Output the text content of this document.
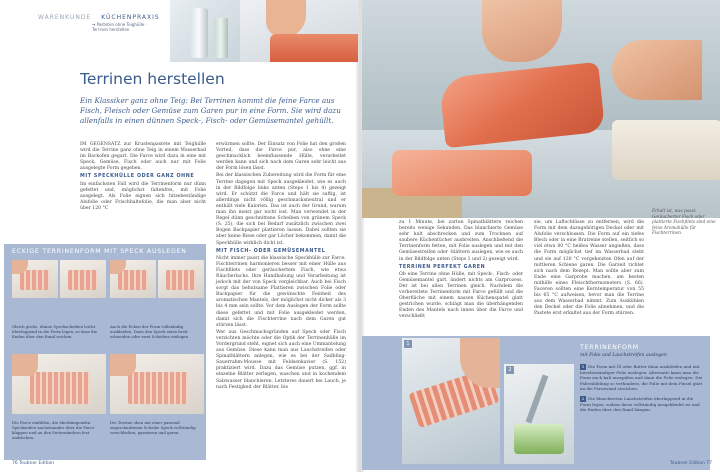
WARENKUNDE KÜCHENPRAXIS
➔ Pasteten ohne Teighülle · Terrinen herstellen
Terrinen herstellen

Ein Klassiker ganz ohne Teig: Bei Terrinen kommt die feine Farce aus Fisch, Fleisch oder Gemüse zum Garen pur in eine Form. Sie wird dazu allenfalls in einen dünnen Speck-, Fisch- oder Gemüsemantel gehüllt.

IM GEGENSATZ zur Krustenpastete mit Teighülle wird die Terrine ganz ohne Teig in einem Wasserbad im Backofen gegart. Die Farce wird dazu in eine mit Speck, Gemüse, Fisch oder auch nur mit Folie ausgelegte Form gegeben.

MIT SPECKHÜLLE ODER GANZ OHNE

Im einfachsten Fall wird die Terrinenform nur dünn gefettet und, möglichst faltenfrei, mit Folie ausgelegt. Als Folie eignen sich hitzebeständige Alufolie oder Frischhaltefolie, die man aber nicht über 120 °C

erwärmen sollte. Der Einsatz von Folie hat den großen Vorteil, dass die Farce pur, also ohne eine geschmacklich beeinflussende Hülle, verarbeitet werden kann und sich nach dem Garen sehr leicht aus der Form lösen lässt.

Bei der klassischen Zubereitung wird die Form für eine Terrine dagegen mit Speck ausgekleidet, wie es auch in der Bildfolge links unten (Steps 1 bis 4) gezeigt wird. Er schützt die Farce und hält sie saftig, ist allerdings nicht völlig geschmacksneutral und er enthält viele Kalorien. Das ist auch der Grund, warum man ihn meist gar nicht isst. Man verwendet in der Regel dünn geschnittene Scheiben von grünem Speck (S. 25), die sich bei Bedarf zusätzlich zwischen zwei Bogen Backpapier plattieren lassen. Dabei sollten sie aber keine Risse oder gar Löcher bekommen, damit die Speckhülle wirklich dicht ist.

MIT FISCH- ODER GEMÜSEMANTEL

Nicht immer passt die klassische Speckhülle zur Farce. Fischterrinen harmonieren besser mit einer Hülle aus Fischfilets oder geräuchertem Fisch, wie etwa Räucherlachs. Ihre Handhabung und Verarbeitung ist jedoch mit der von Speck vergleichbar. Auch bei Fisch sorgt das behutsame Plattieren zwischen Folie oder Backpapier für die gewünschte Feinheit des aromatischen Mantels, der möglichst nicht dicker als 3 bis 4 mm sein sollte. Vor dem Auslegen der Form sollte diese gefettet und mit Folie ausgekleidet werden, damit sich die Fischterrine nach dem Garen gut stürzen lässt.

Wer aus Geschmacksgründen auf Speck oder Fisch verzichten möchte oder die Optik der Terrinenhülle im Vordergrund steht, eignet sich auch eine Ummantelung aus Gemüse. Diese kann man aus Lauchstreifen oder Spinatblättern anlegen, wie es bei der Sadbling-Sauerrahm-Mousse mit Feldsenkavier (S. 152) praktiziert wird. Dazu das Gemüse putzen, ggf. in einzelne Blätter zerlegen, waschen und in kochendem Salzwasser blanchieren. Letzteres dauert bei Lauch, je nach Festigkeit der Blätter, bis

ECKIGE TERRINENFORM MIT SPECK AUSLEGEN
Gleich große, dünne Speckscheiben leicht überlappend in die Form legen, so dass die Enden über den Rand reichen.
Auch die Ecken der Form vollständig auskleiden. Dazu den Speck extra breit schneiden oder zwei Scheiben einlegen.
Die Farce einfüllen, die überhängenden Speckenden nacheinander über die Farce klappen und an den Seitenrändern fest andrücken.
Die Terrine oben mit einer passend zugeschnittenen Scheibe Speck vollständig verschließen, garnieren und garen.
76 Teubner Edition
Erhalt ist, was passt: Geräucherter Fisch oder plattierte Fischfilets sind eine feine Aromahülle für Fischterrinen.

zu 1 Minute, bei zarten Spinatblättern reichen bereits wenige Sekunden. Das blanchierte Gemüse sehr kalt abschrecken und zum Trocknen auf saubere Küchentücher ausbreiten. Anschließend die Terrinenform fetten, mit Folie auslegen und mit den Gemüsestreifen oder -blättern auslegen, wie es auch in der Bildfolge unten (Steps 1 und 2) gezeigt wird.

TERRINEN PERFEKT GAREN

Ob eine Terrine ohne Hülle, mit Speck-, Fisch- oder Gemüsemantel gart, ändert nichts am Garprozess. Der ist bei allen Terrinen gleich. Nachdem die vorbereitete Terrinenform mit Farce gefüllt und die Oberfläche mit einem nassen Küchenspatel glatt gestrichen wurde, schlägt man die überhängenden Enden des Mantels nach innen über die Farce und verschließt

sie, um Luftschlüsse zu entfernen, wird die Form mit dem dazugehörigen Deckel oder mit Alufolie verschlossen. Die Form auf ein tiefes Blech oder in eine Bratreine stellen, seitlich so viel etwa 80 °C heißes Wasser angießen, dass die Form möglichst tief im Wasserbad steht und sie auf 120 °C vorgeheizten Ofen auf der mittleren Schiene garen. Die Garzeit richtet sich nach dem Rezept. Man sollte aber zum Ende eine Garprobe machen, am besten mithilfe eines Fleischthermometers (S. 66). Faceren sollten eine Kerntemperatur von 55 bis 65 °C aufweisen, bevor man die Terrine aus dem Wasserbad nimmt. Zum Auskühlen den Deckel oder die Folie abnehmen, und die Pastete erst erkaltet aus der Form stürzen.

1
2
TERRINENFORM
mit Folie und Lauchstreifen auslegen
1 Die Form mit Öl oder Butter dünn auskleiden und mit hitzebeständiger Folie auslegen. Alternativ kann man die Form auch kalt ausspülen und dann die Folie einlegen. Die Faltenbildung so verhindern, die Folie mit dem Pinsel glatt an die Formwand streichen.
2 Die blanchierten Lauchstreifen überlappend in die Form legen, sodass diese vollständig ausgekleidet ist und die Enden über den Rand hängen.
Teubner Edition 77
